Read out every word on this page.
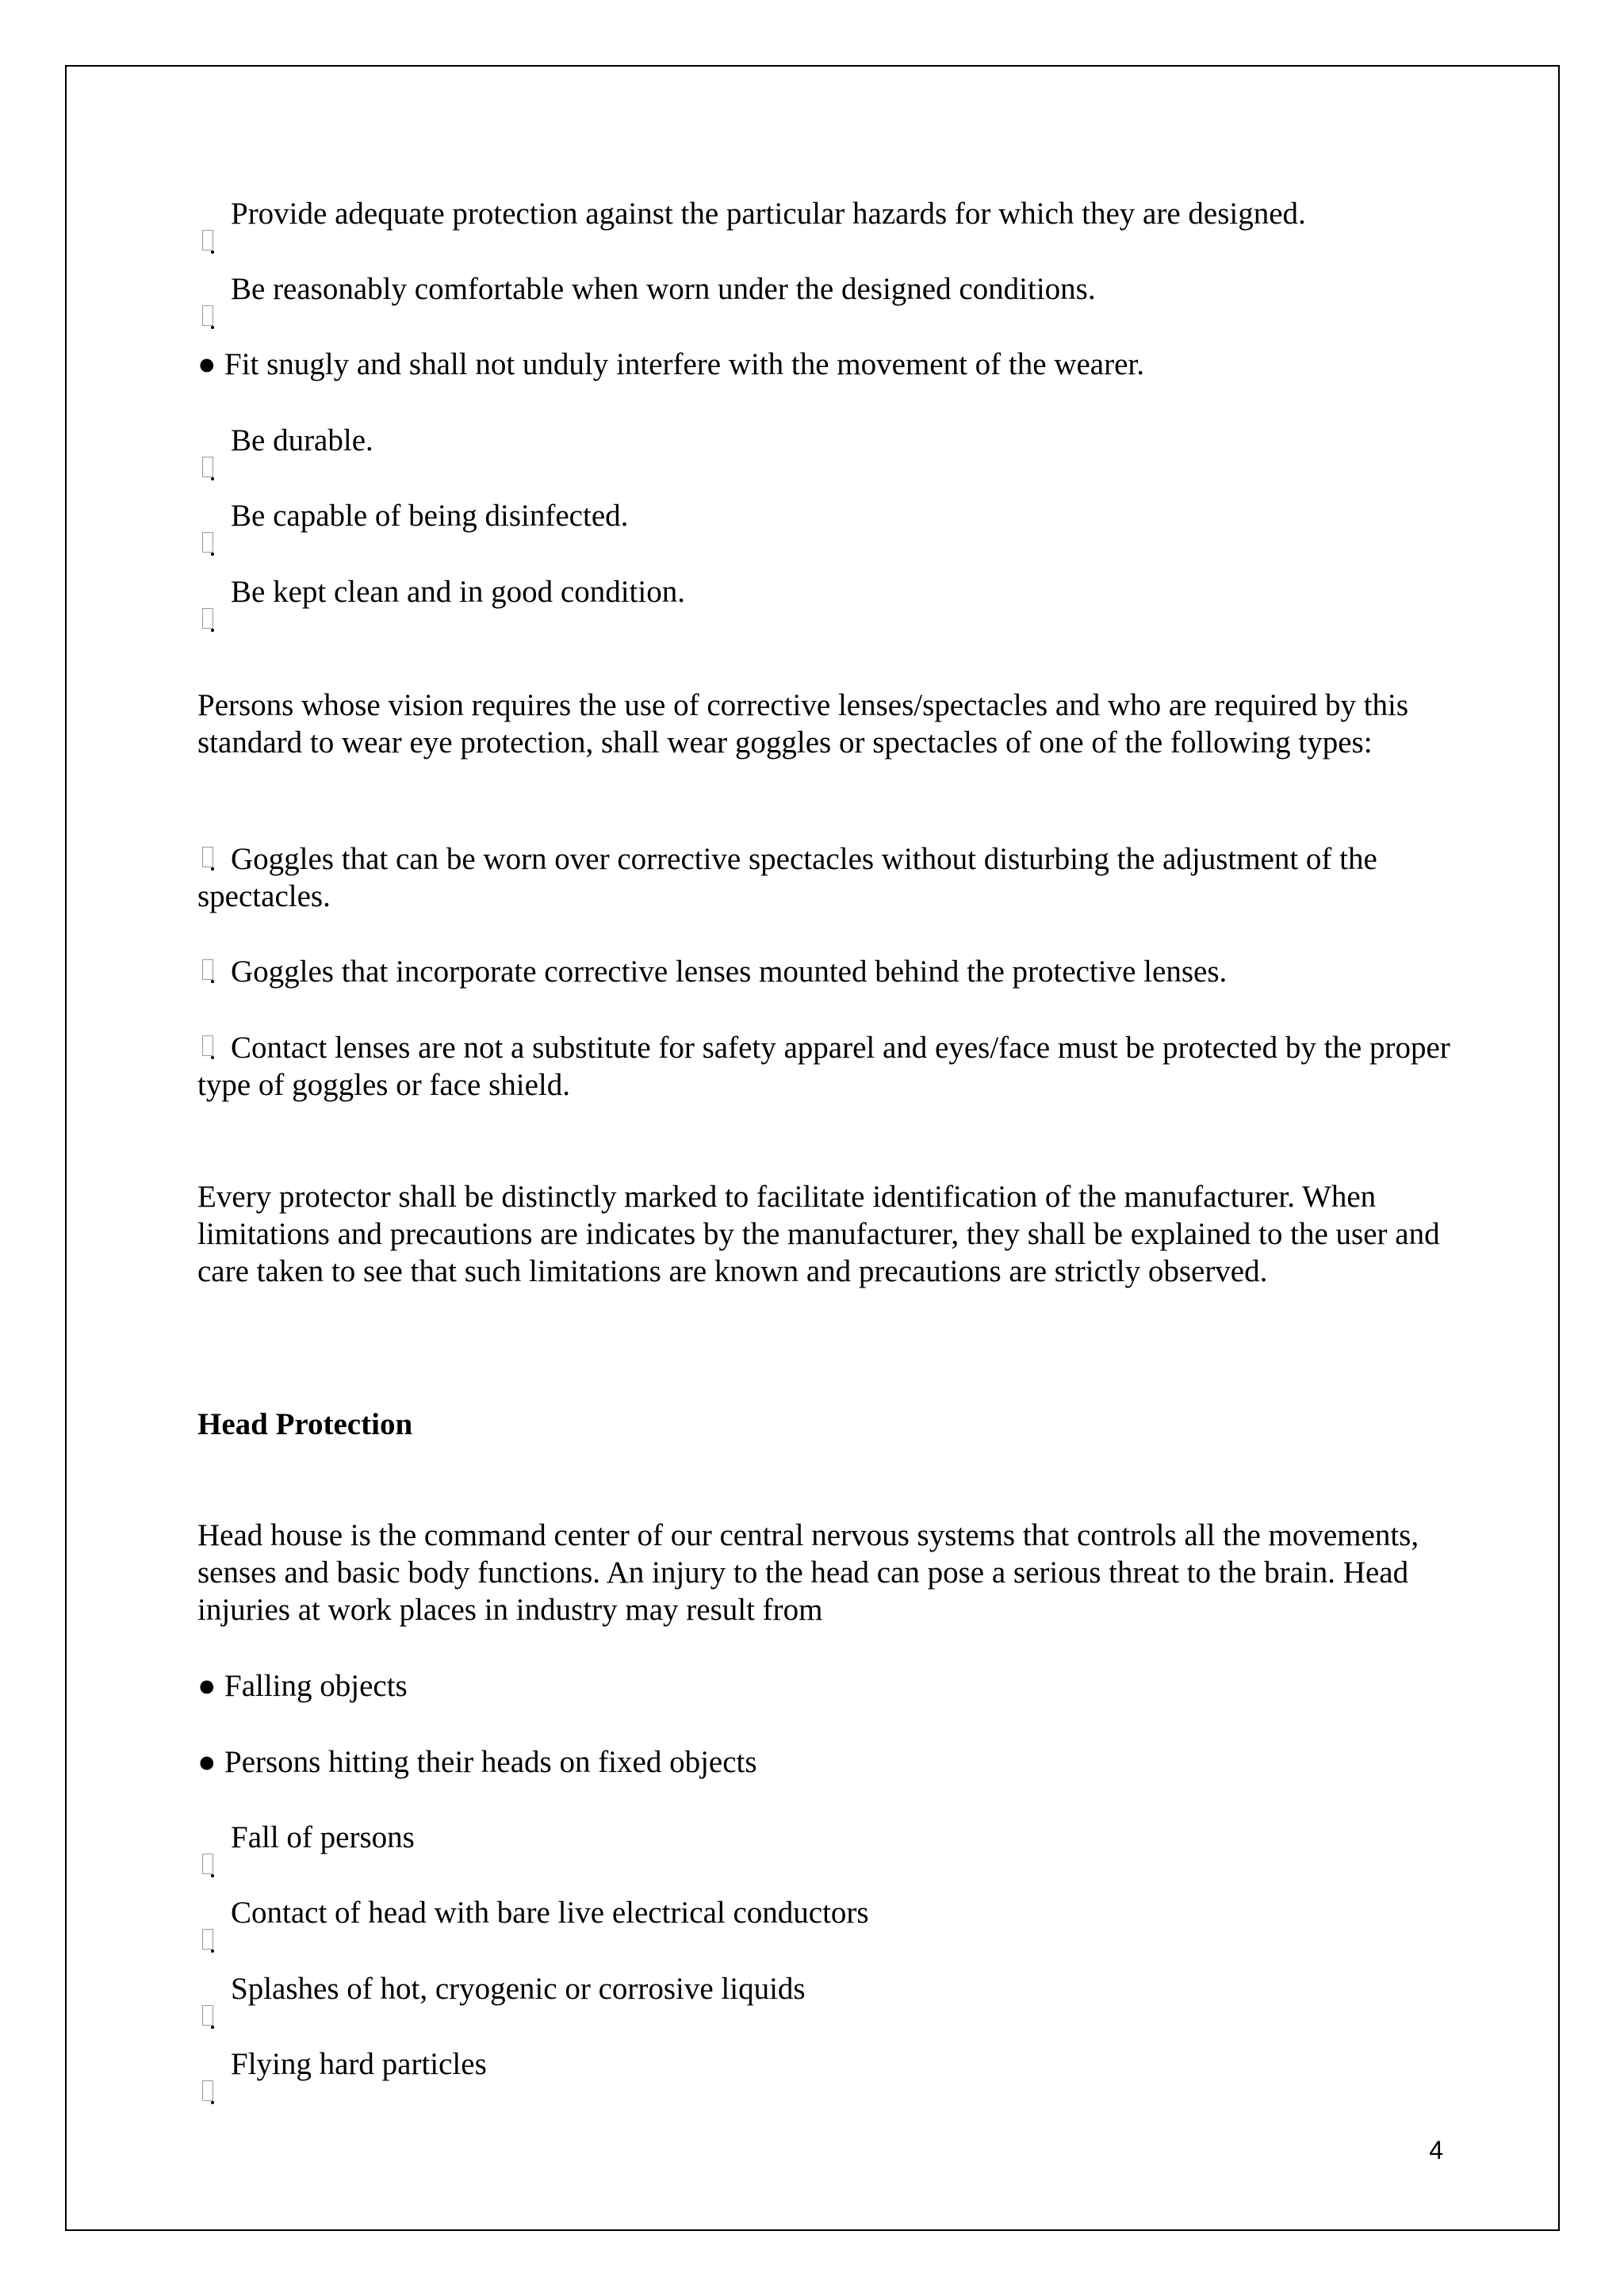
Provide adequate protection against the particular hazards for which they are designed.

Be reasonably comfortable when worn under the designed conditions.

● Fit snugly and shall not unduly interfere with the movement of the wearer.

Be durable.

Be capable of being disinfected.

Be kept clean and in good condition.

Persons whose vision requires the use of corrective lenses/spectacles and who are required by this standard to wear eye protection, shall wear goggles or spectacles of one of the following types:

Goggles that can be worn over corrective spectacles without disturbing the adjustment of the spectacles.

Goggles that incorporate corrective lenses mounted behind the protective lenses.

Contact lenses are not a substitute for safety apparel and eyes/face must be protected by the proper type of goggles or face shield.

Every protector shall be distinctly marked to facilitate identification of the manufacturer. When limitations and precautions are indicates by the manufacturer, they shall be explained to the user and care taken to see that such limitations are known and precautions are strictly observed.

Head Protection

Head house is the command center of our central nervous systems that controls all the movements, senses and basic body functions. An injury to the head can pose a serious threat to the brain. Head injuries at work places in industry may result from

● Falling objects

● Persons hitting their heads on fixed objects

Fall of persons

Contact of head with bare live electrical conductors

Splashes of hot, cryogenic or corrosive liquids

Flying hard particles

4
